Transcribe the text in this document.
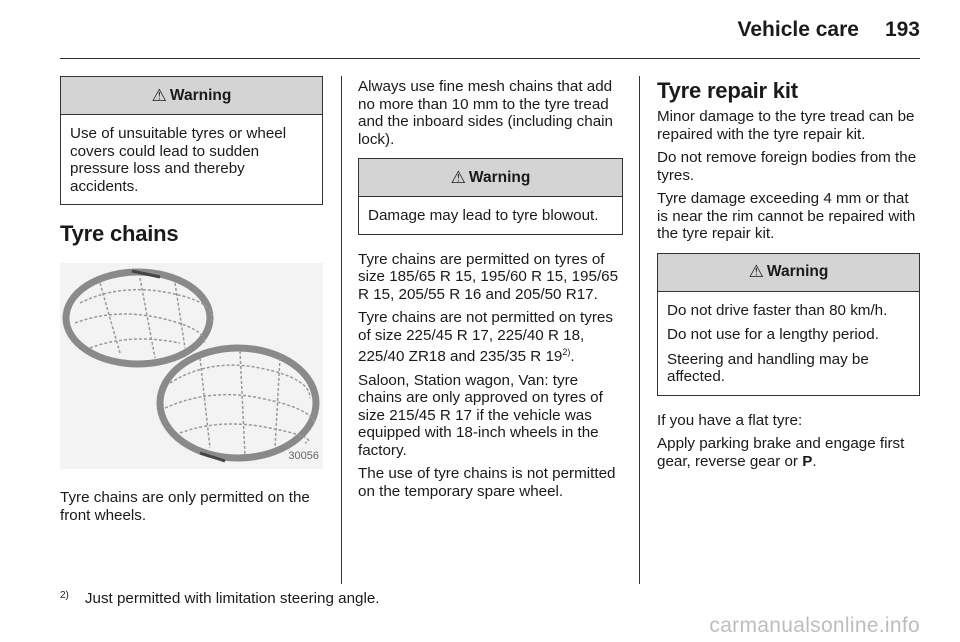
Vehicle care 193
⚠ Warning

Use of unsuitable tyres or wheel covers could lead to sudden pressure loss and thereby accidents.

Tyre chains
30056

Tyre chains are only permitted on the front wheels.

Always use fine mesh chains that add no more than 10 mm to the tyre tread and the inboard sides (including chain lock).

⚠ Warning

Damage may lead to tyre blowout.

Tyre chains are permitted on tyres of size 185/65 R 15, 195/60 R 15, 195/65 R 15, 205/55 R 16 and 205/50 R17.

Tyre chains are not permitted on tyres of size 225/45 R 17, 225/40 R 18, 225/40 ZR18 and 235/35 R 19$^{2)}$.

Saloon, Station wagon, Van: tyre chains are only approved on tyres of size 215/45 R 17 if the vehicle was equipped with 18-inch wheels in the factory.

The use of tyre chains is not permitted on the temporary spare wheel.

Tyre repair kit

Minor damage to the tyre tread can be repaired with the tyre repair kit.

Do not remove foreign bodies from the tyres.

Tyre damage exceeding 4 mm or that is near the rim cannot be repaired with the tyre repair kit.

⚠ Warning

Do not drive faster than 80 km/h.

Do not use for a lengthy period.

Steering and handling may be affected.

If you have a flat tyre:

Apply parking brake and engage first gear, reverse gear or P.

$^{2)}$ Just permitted with limitation steering angle.
carmanualsonline.info
